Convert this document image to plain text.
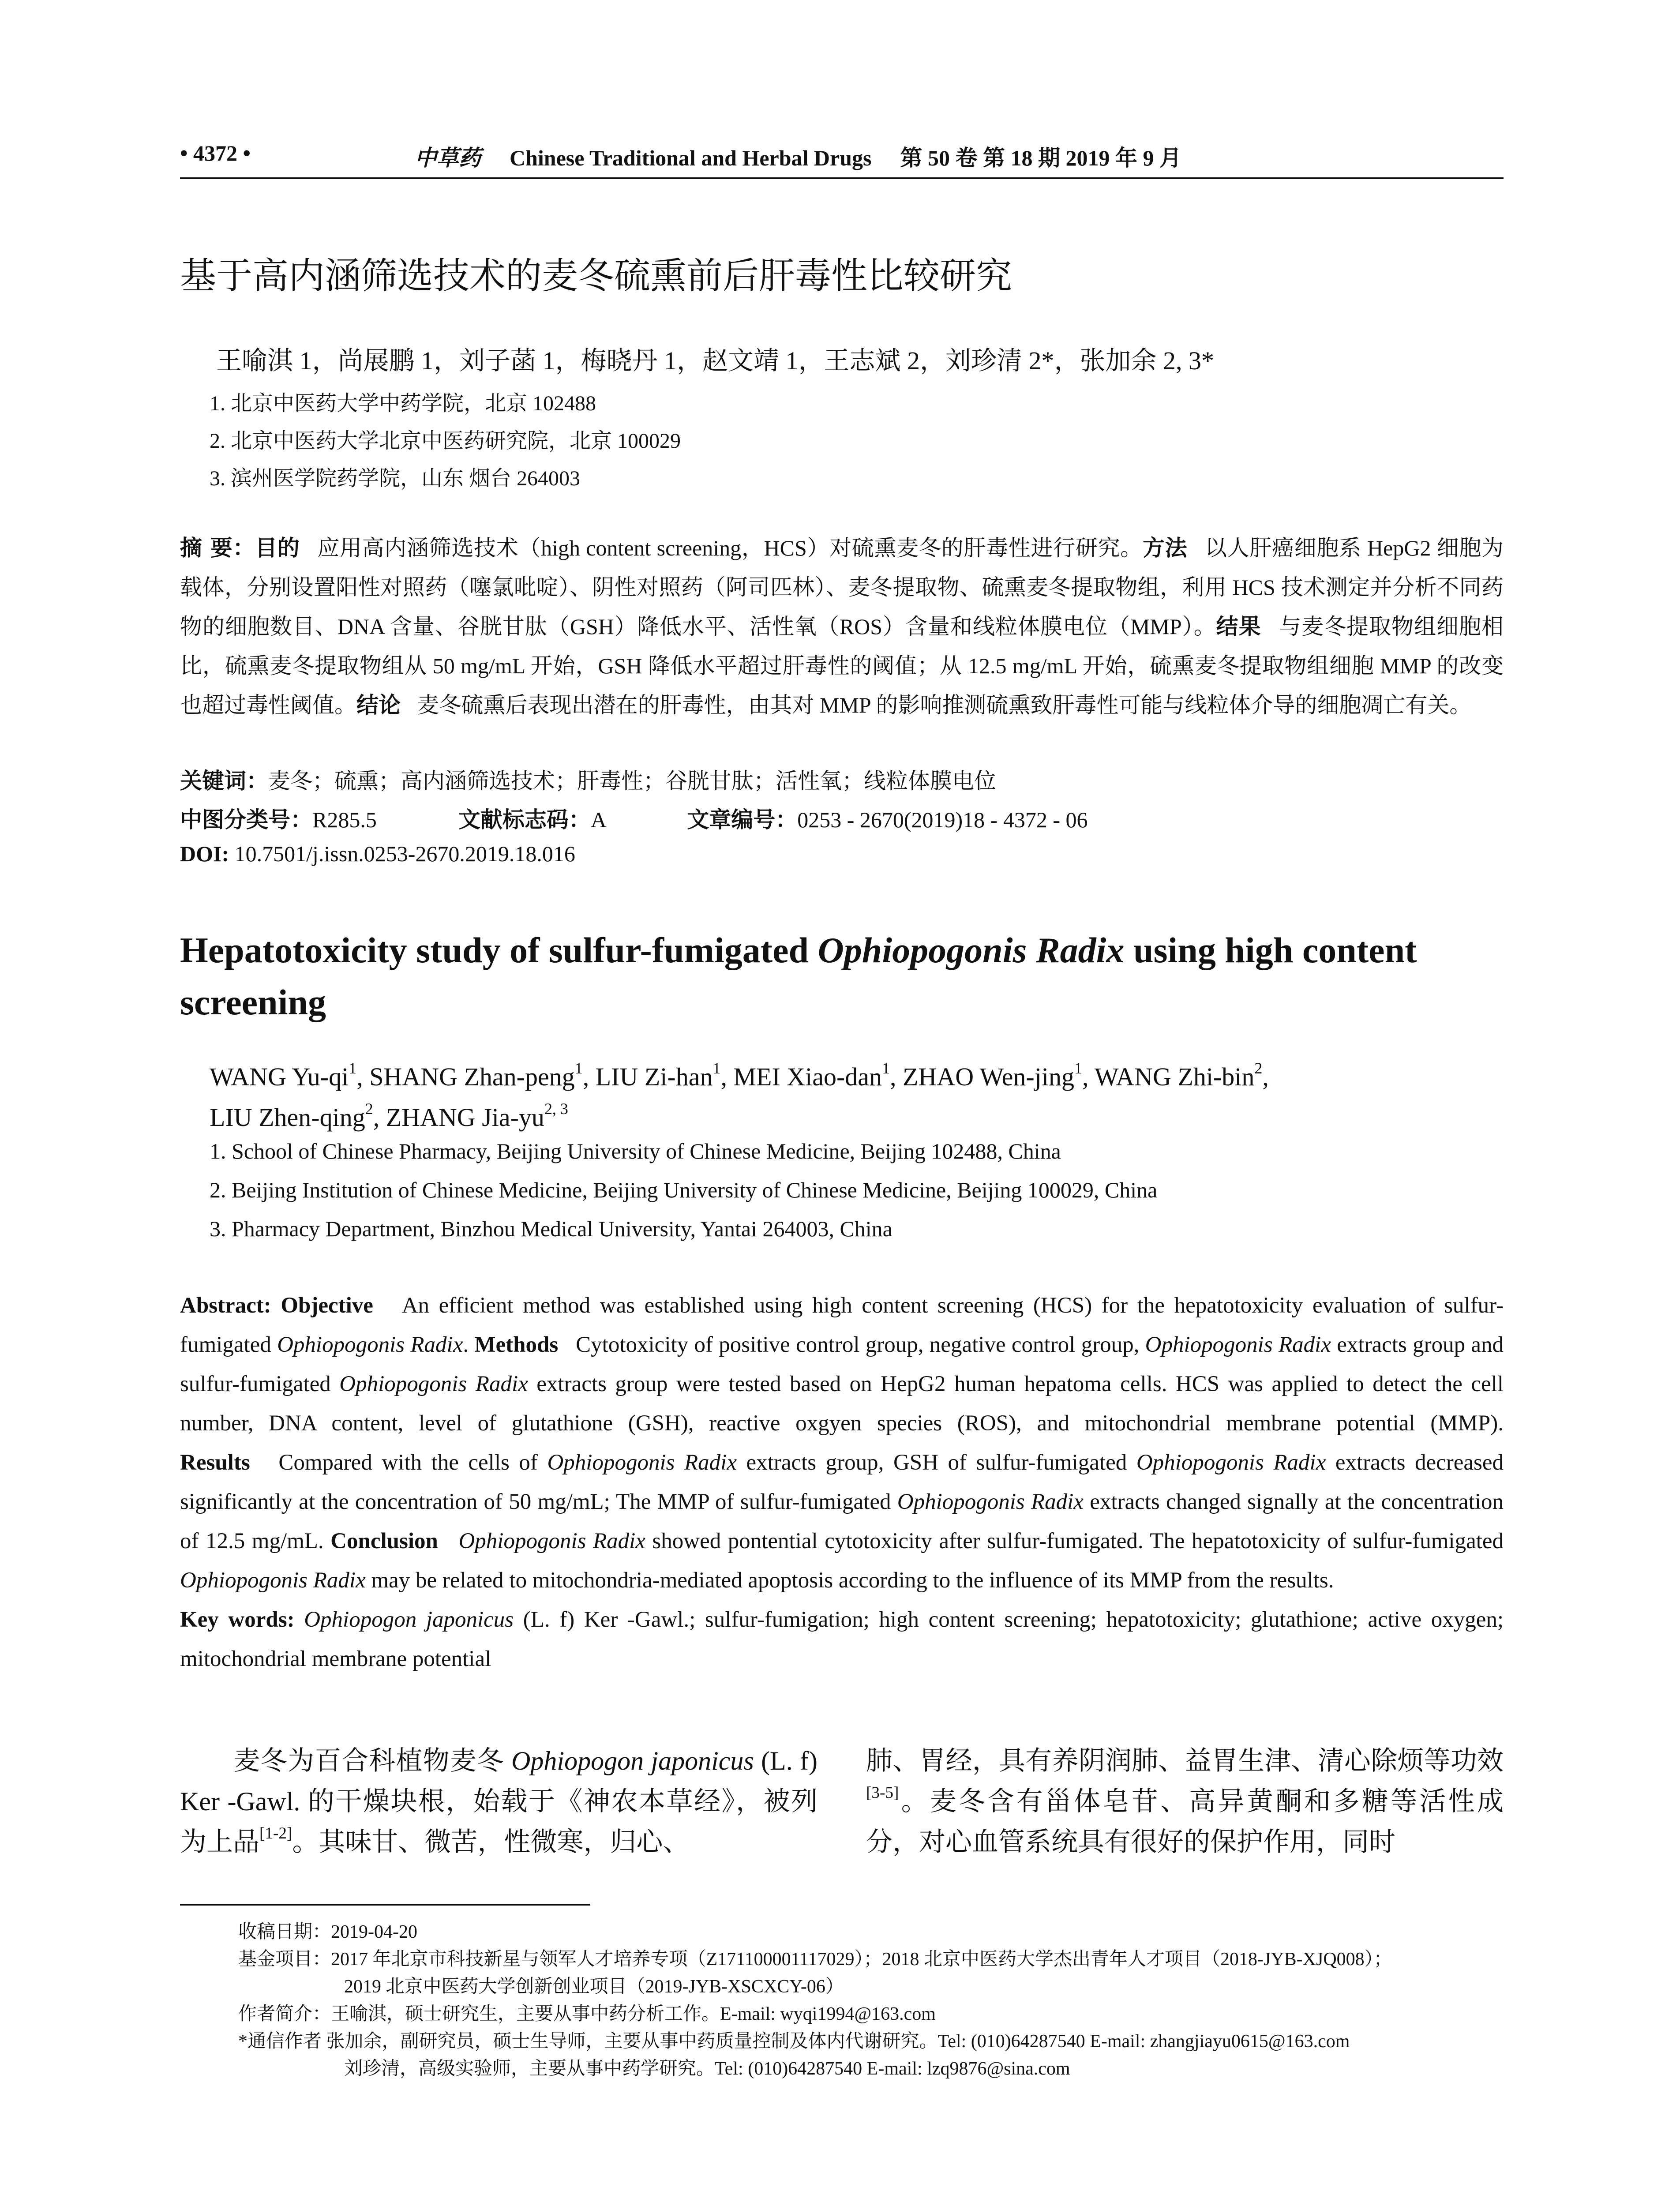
• 4372 •	中草药 Chinese Traditional and Herbal Drugs 第 50 卷 第 18 期 2019 年 9 月
基于高内涵筛选技术的麦冬硫熏前后肝毒性比较研究
王喻淇 1，尚展鹏 1，刘子菡 1，梅晓丹 1，赵文靖 1，王志斌 2，刘珍清 2*，张加余 2, 3*
1. 北京中医药大学中药学院，北京 102488
2. 北京中医药大学北京中医药研究院，北京 100029
3. 滨州医学院药学院，山东 烟台 264003
摘 要：目的 应用高内涵筛选技术（high content screening，HCS）对硫熏麦冬的肝毒性进行研究。方法 以人肝癌细胞系 HepG2 细胞为载体，分别设置阳性对照药（噻氯吡啶）、阴性对照药（阿司匹林）、麦冬提取物、硫熏麦冬提取物组，利用 HCS 技术测定并分析不同药物的细胞数目、DNA 含量、谷胱甘肽（GSH）降低水平、活性氧（ROS）含量和线粒体膜电位（MMP）。结果 与麦冬提取物组细胞相比，硫熏麦冬提取物组从 50 mg/mL 开始，GSH 降低水平超过肝毒性的阈值；从 12.5 mg/mL 开始，硫熏麦冬提取物组细胞 MMP 的改变也超过毒性阈值。结论 麦冬硫熏后表现出潜在的肝毒性，由其对 MMP 的影响推测硫熏致肝毒性可能与线粒体介导的细胞凋亡有关。
关键词：麦冬；硫熏；高内涵筛选技术；肝毒性；谷胱甘肽；活性氧；线粒体膜电位
中图分类号：R285.5	文献标志码：A	文章编号：0253 - 2670(2019)18 - 4372 - 06
DOI: 10.7501/j.issn.0253-2670.2019.18.016
Hepatotoxicity study of sulfur-fumigated Ophiopogonis Radix using high content screening
WANG $Yu-qi^1$, SHANG Zhan-peng$^1$, LIU Zi-han$^1$, MEI Xiao-dan$^1$, ZHAO Wen-jing$^1$, WANG Zhi-bin$^2$,
LIU Zhen-qing$^2$, ZHANG Jia-yu$^{2, 3}$
1. School of Chinese Pharmacy, Beijing University of Chinese Medicine, Beijing 102488, China
2. Beijing Institution of Chinese Medicine, Beijing University of Chinese Medicine, Beijing 100029, China
3. Pharmacy Department, Binzhou Medical University, Yantai 264003, China
Abstract: Objective An efficient method was established using high content screening (HCS) for the hepatotoxicity evaluation of sulfur-fumigated Ophiopogonis Radix. Methods Cytotoxicity of positive control group, negative control group, Ophiopogonis Radix extracts group and sulfur-fumigated Ophiopogonis Radix extracts group were tested based on HepG2 human hepatoma cells. HCS was applied to detect the cell number, DNA content, level of glutathione (GSH), reactive oxgyen species (ROS), and mitochondrial membrane potential (MMP). Results Compared with the cells of Ophiopogonis Radix extracts group, GSH of sulfur-fumigated Ophiopogonis Radix extracts decreased significantly at the concentration of 50 mg/mL; The MMP of sulfur-fumigated Ophiopogonis Radix extracts changed signally at the concentration of 12.5 mg/mL. Conclusion Ophiopogonis Radix showed pontential cytotoxicity after sulfur-fumigated. The hepatotoxicity of sulfur-fumigated Ophiopogonis Radix may be related to mitochondria-mediated apoptosis according to the influence of its MMP from the results.
Key words: Ophiopogon japonicus (L. f) Ker -Gawl.; sulfur-fumigation; high content screening; hepatotoxicity; glutathione; active oxygen; mitochondrial membrane potential
  麦冬为百合科植物麦冬 Ophiopogon japonicus (L. f) Ker -Gawl. 的干燥块根，始载于《神农本草经》，被列为上品[1-2]。其味甘、微苦，性微寒，归心、
肺、胃经，具有养阴润肺、益胃生津、清心除烦等功效[3-5]。麦冬含有甾体皂苷、高异黄酮和多糖等活性成分，对心血管系统具有很好的保护作用，同时
收稿日期：2019-04-20
基金项目：2017 年北京市科技新星与领军人才培养专项（Z171100001117029）；2018 北京中医药大学杰出青年人才项目（2018-JYB-XJQ008）；
2019 北京中医药大学创新创业项目（2019-JYB-XSCXCY-06）
作者简介：王喻淇，硕士研究生，主要从事中药分析工作。E-mail: wyqi1994@163.com
*通信作者 张加余，副研究员，硕士生导师，主要从事中药质量控制及体内代谢研究。Tel: (010)64287540 E-mail: zhangjiayu0615@163.com
刘珍清，高级实验师，主要从事中药学研究。Tel: (010)64287540 E-mail: lzq9876@sina.com
